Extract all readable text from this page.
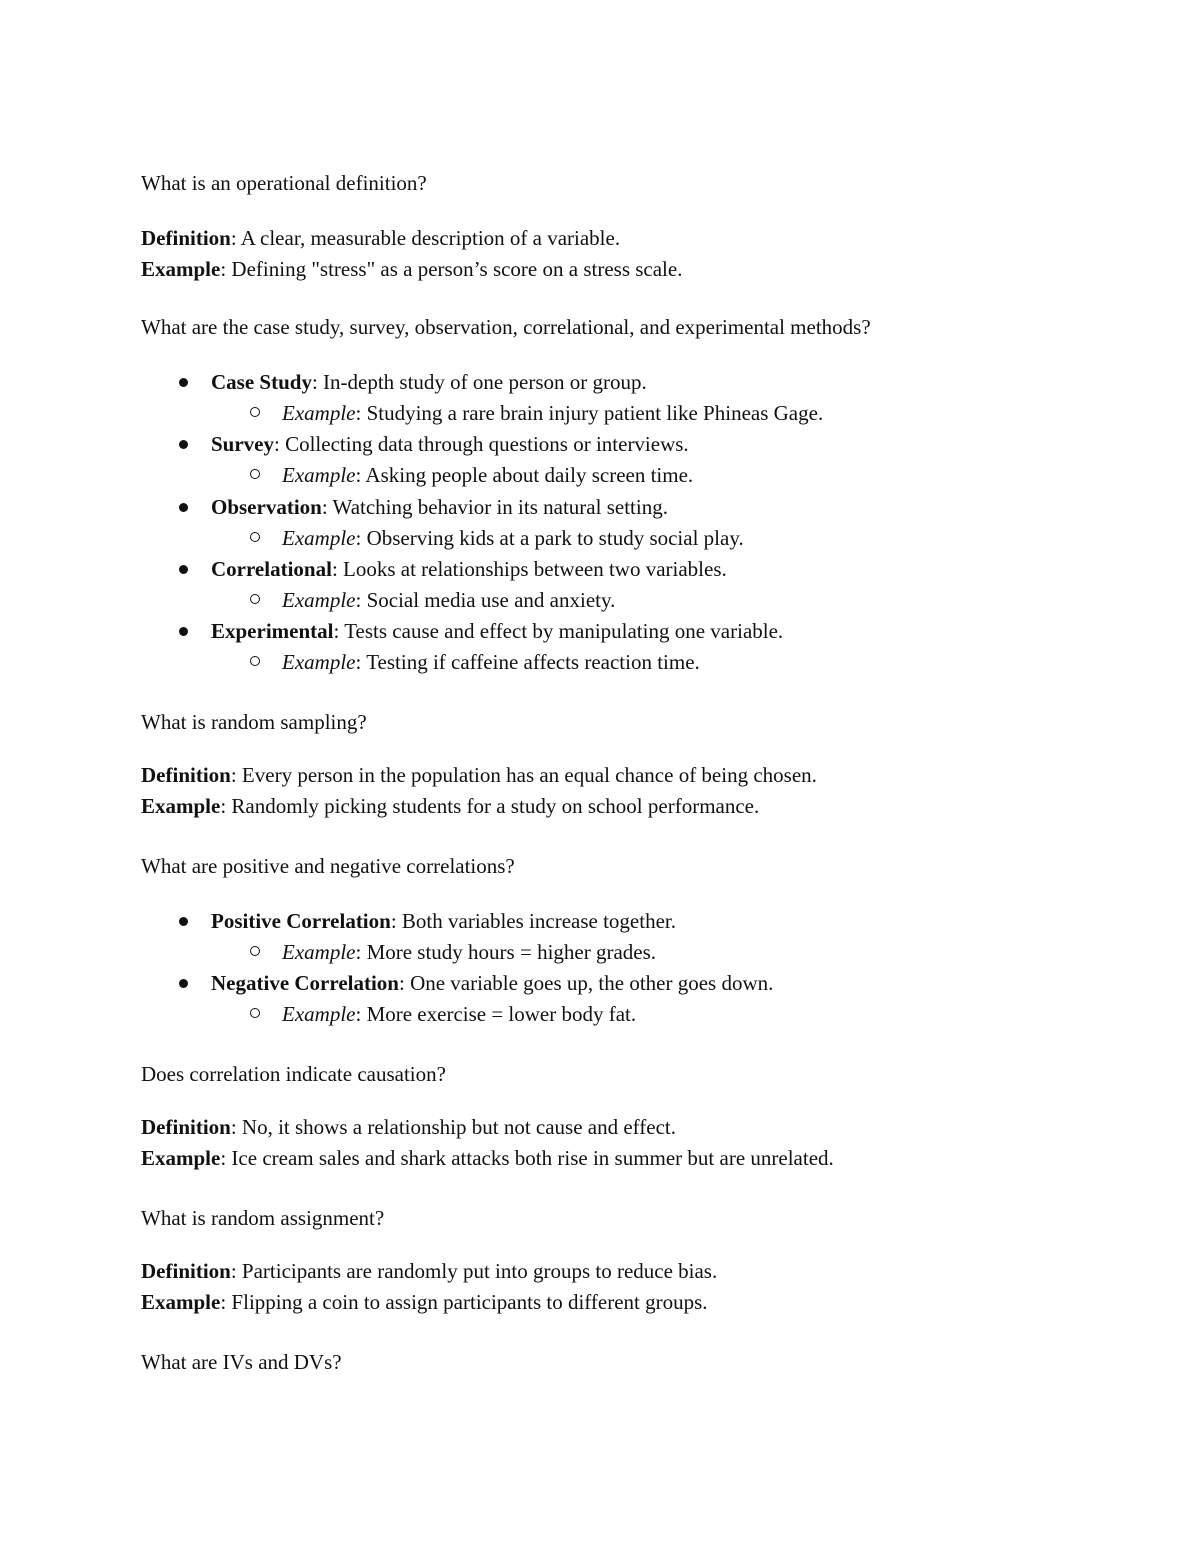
What is an operational definition?

Definition: A clear, measurable description of a variable.

Example: Defining "stress" as a person’s score on a stress scale.

What are the case study, survey, observation, correlational, and experimental methods?

Case Study: In-depth study of one person or group.

Example: Studying a rare brain injury patient like Phineas Gage.

Survey: Collecting data through questions or interviews.

Example: Asking people about daily screen time.

Observation: Watching behavior in its natural setting.

Example: Observing kids at a park to study social play.

Correlational: Looks at relationships between two variables.

Example: Social media use and anxiety.

Experimental: Tests cause and effect by manipulating one variable.

Example: Testing if caffeine affects reaction time.

What is random sampling?

Definition: Every person in the population has an equal chance of being chosen.

Example: Randomly picking students for a study on school performance.

What are positive and negative correlations?

Positive Correlation: Both variables increase together.

Example: More study hours = higher grades.

Negative Correlation: One variable goes up, the other goes down.

Example: More exercise = lower body fat.

Does correlation indicate causation?

Definition: No, it shows a relationship but not cause and effect.

Example: Ice cream sales and shark attacks both rise in summer but are unrelated.

What is random assignment?

Definition: Participants are randomly put into groups to reduce bias.

Example: Flipping a coin to assign participants to different groups.

What are IVs and DVs?
